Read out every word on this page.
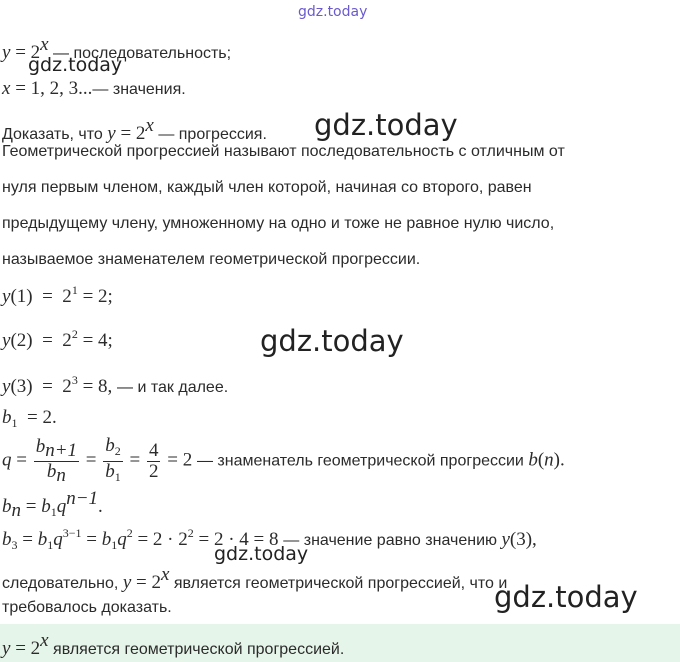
gdz.today
$y = 2^x$ — последовательность;
gdz.today
x = 1, 2, 3...— значения.
Доказать, что $y = 2^x$ — прогрессия. gdz.today
Геометрической прогрессией называют последовательность с отличным от
нуля первым членом, каждый член которой, начиная со второго, равен
предыдущему члену, умноженному на одно и тоже не равное нулю число,
называемое знаменателем геометрической прогрессии.
$y(1) = 2^1 = 2$;
$y(2) = 2^2 = 4$;	gdz.today
$y(3) = 2^3 = 8$, — и так далее.
$b_1 = 2$.
$q = \frac{b_{n+1}}{b_n} = \frac{b_2}{b_1} = \frac{4}{2} = 2$ — знаменатель геометрической прогрессии b(n).
$b_n = b_1q^{n-1}$.
$b_3 = b_1q^{3-1} = b_1q^2 = 2 \cdot 2^2 = 2 \cdot 4 = 8$ — значение равно значению y(3),
gdz.today
следовательно, $y = 2^x$ является геометрической прогрессией, что и
требовалось доказать.	gdz.today
$y = 2^x$ является геометрической прогрессией.
